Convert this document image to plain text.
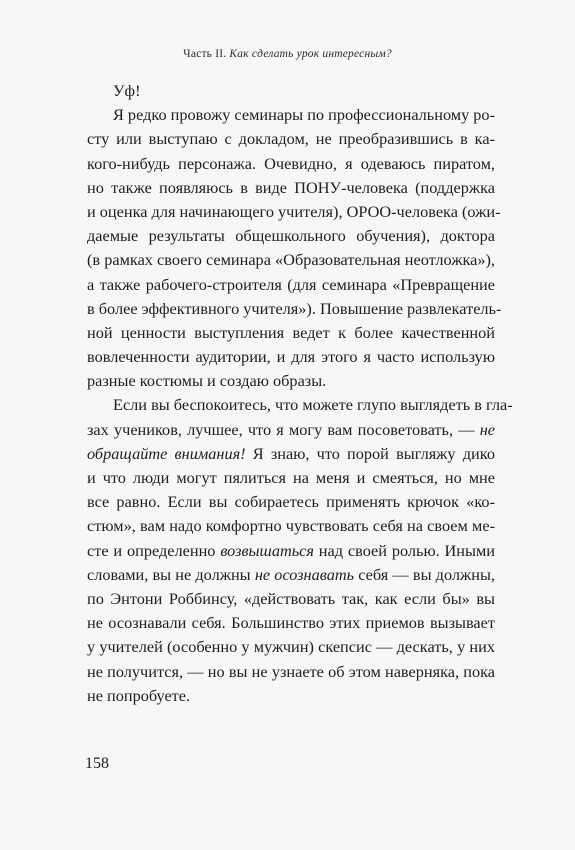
Часть II. Как сделать урок интересным?
Уф!
Я редко провожу семинары по профессиональному ро-
сту или выступаю с докладом, не преобразившись в ка-
кого-нибудь персонажа. Очевидно, я одеваюсь пиратом,
но также появляюсь в виде ПОНУ-человека (поддержка
и оценка для начинающего учителя), ОРОО-человека (ожи-
даемые результаты общешкольного обучения), доктора
(в рамках своего семинара «Образовательная неотложка»),
а также рабочего-строителя (для семинара «Превращение
в более эффективного учителя»). Повышение развлекатель-
ной ценности выступления ведет к более качественной
вовлеченности аудитории, и для этого я часто использую
разные костюмы и создаю образы.
Если вы беспокоитесь, что можете глупо выглядеть в гла-
зах учеников, лучшее, что я могу вам посоветовать, — не
обращайте внимания! Я знаю, что порой выгляжу дико
и что люди могут пялиться на меня и смеяться, но мне
все равно. Если вы собираетесь применять крючок «ко-
стюм», вам надо комфортно чувствовать себя на своем ме-
сте и определенно возвышаться над своей ролью. Иными
словами, вы не должны не осознавать себя — вы должны,
по Энтони Роббинсу, «действовать так, как если бы» вы
не осознавали себя. Большинство этих приемов вызывает
у учителей (особенно у мужчин) скепсис — дескать, у них
не получится, — но вы не узнаете об этом наверняка, пока
не попробуете.
158
